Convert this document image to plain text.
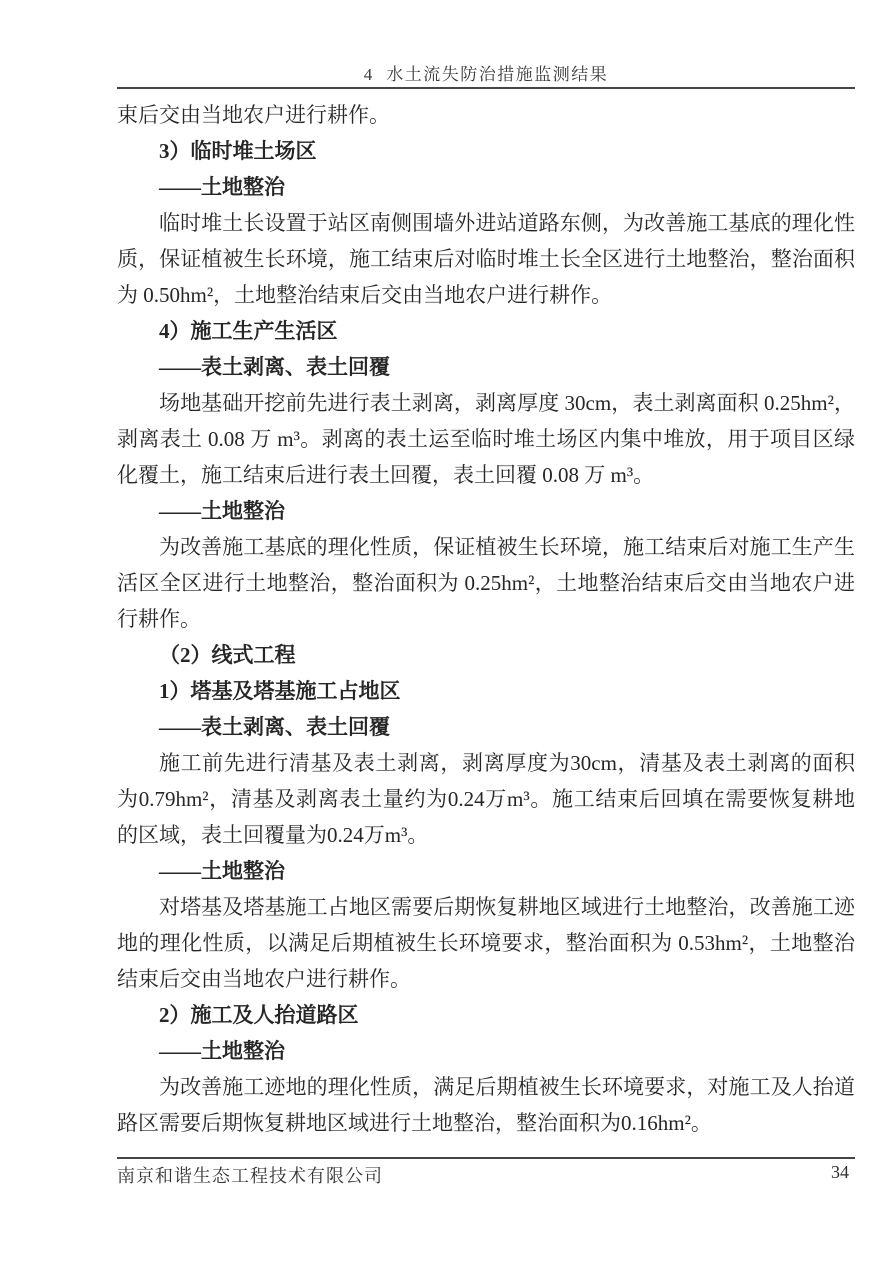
4 水土流失防治措施监测结果

束后交由当地农户进行耕作。

3）临时堆土场区

——土地整治

临时堆土长设置于站区南侧围墙外进站道路东侧，为改善施工基底的理化性质，保证植被生长环境，施工结束后对临时堆土长全区进行土地整治，整治面积为 0.50hm²，土地整治结束后交由当地农户进行耕作。

4）施工生产生活区

——表土剥离、表土回覆

场地基础开挖前先进行表土剥离，剥离厚度 30cm，表土剥离面积 0.25hm²，剥离表土 0.08 万 m³。剥离的表土运至临时堆土场区内集中堆放，用于项目区绿化覆土，施工结束后进行表土回覆，表土回覆 0.08 万 m³。

——土地整治

为改善施工基底的理化性质，保证植被生长环境，施工结束后对施工生产生活区全区进行土地整治，整治面积为 0.25hm²，土地整治结束后交由当地农户进行耕作。

（2）线式工程

1）塔基及塔基施工占地区

——表土剥离、表土回覆

施工前先进行清基及表土剥离，剥离厚度为30cm，清基及表土剥离的面积为0.79hm²，清基及剥离表土量约为0.24万m³。施工结束后回填在需要恢复耕地的区域，表土回覆量为0.24万m³。

——土地整治

对塔基及塔基施工占地区需要后期恢复耕地区域进行土地整治，改善施工迹地的理化性质，以满足后期植被生长环境要求，整治面积为 0.53hm²，土地整治结束后交由当地农户进行耕作。

2）施工及人抬道路区

——土地整治

为改善施工迹地的理化性质，满足后期植被生长环境要求，对施工及人抬道路区需要后期恢复耕地区域进行土地整治，整治面积为0.16hm²。

南京和谐生态工程技术有限公司	34
